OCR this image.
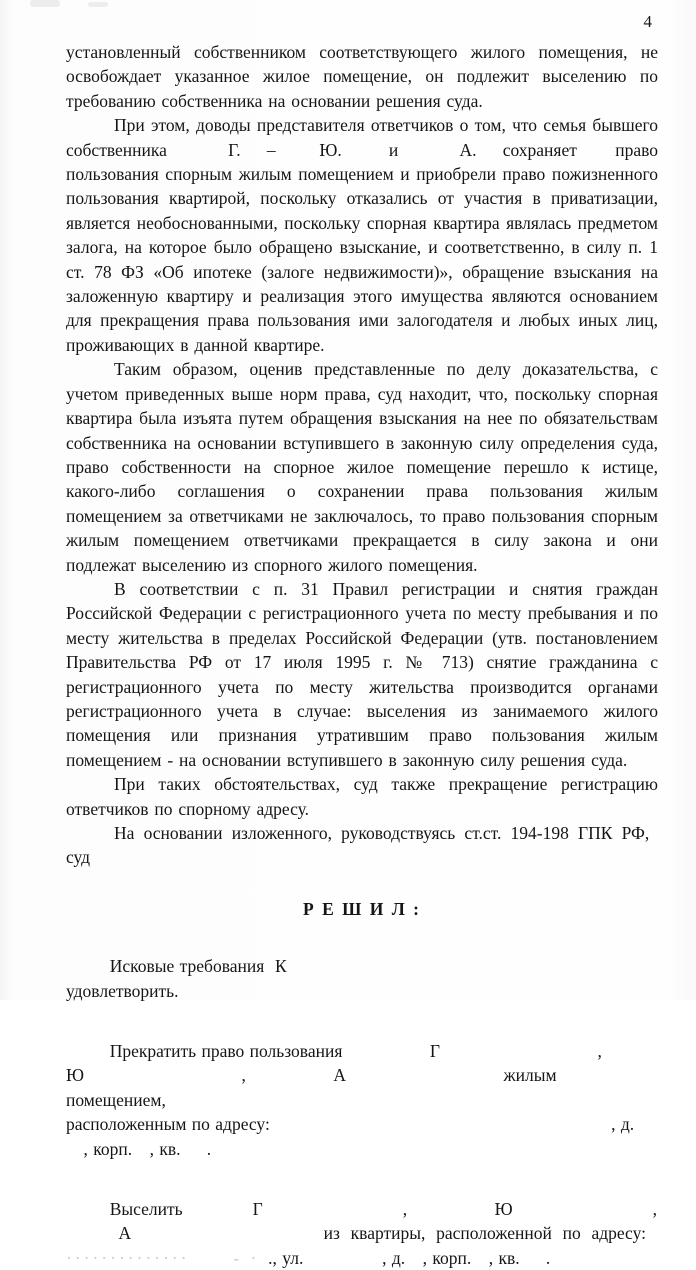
4
установленный собственником соответствующего жилого помещения, не освобождает указанное жилое помещение, он подлежит выселению по требованию собственника на основании решения суда.
При этом, доводы представителя ответчиков о том, что семья бывшего собственника    Г.  –   Ю.  и    А.  сохраняет право пользования спорным жилым помещением и приобрели право пожизненного пользования квартирой, поскольку отказались от участия в приватизации, является необоснованными, поскольку спорная квартира являлась предметом залога, на которое было обращено взыскание, и соответственно, в силу п. 1 ст. 78 ФЗ «Об ипотеке (залоге недвижимости)», обращение взыскания на заложенную квартиру и реализация этого имущества являются основанием для прекращения права пользования ими залогодателя и любых иных лиц, проживающих в данной квартире.
Таким образом, оценив представленные по делу доказательства, с учетом приведенных выше норм права, суд находит, что, поскольку спорная квартира была изъята путем обращения взыскания на нее по обязательствам собственника на основании вступившего в законную силу определения суда, право собственности на спорное жилое помещение перешло к истице, какого-либо соглашения о сохранении права пользования жилым помещением за ответчиками не заключалось, то право пользования спорным жилым помещением ответчиками прекращается в силу закона и они подлежат выселению из спорного жилого помещения.
В соответствии с п. 31 Правил регистрации и снятия граждан Российской Федерации с регистрационного учета по месту пребывания и по месту жительства в пределах Российской Федерации (утв. постановлением Правительства РФ от 17 июля 1995 г. № 713) снятие гражданина с регистрационного учета по месту жительства производится органами регистрационного учета в случае: выселения из занимаемого жилого помещения или признания утратившим право пользования жилым помещением - на основании вступившего в законную силу решения суда.
При таких обстоятельствах, суд также прекращение регистрацию ответчиков по спорному адресу.
На основании изложенного, руководствуясь ст.ст. 194-198 ГПК РФ,  суд
Р Е Ш И Л :
   Исковые требования  К                удовлетворить.
   Прекратить право пользования     Г         ,
Ю         ,     А         жилым  помещением,
расположенным по адресу:                    , д.
  , корп.  , кв.  .
   Выселить    Г        ,     Ю        ,
   А           из  квартиры,  расположенной  по  адресу:
··············   	- · ., ул.     , д.  , корп.  , кв.  .
